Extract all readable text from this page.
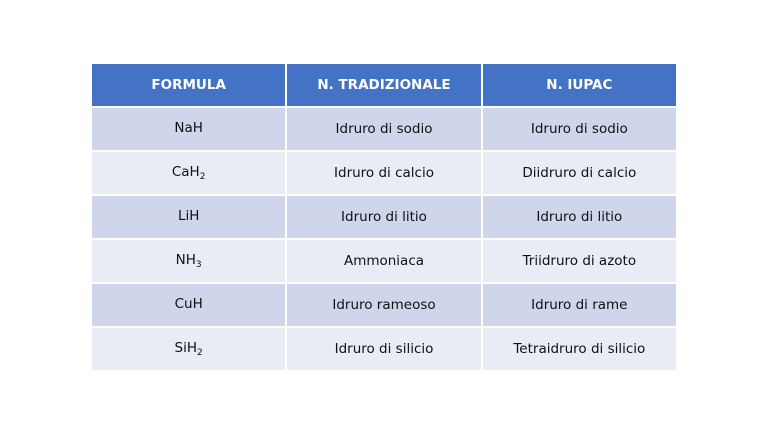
FORMULA	N. TRADIZIONALE	N. IUPAC
NaH	Idruro di sodio	Idruro di sodio
CaH$_2$	Idruro di calcio	Diidruro di calcio
LiH	Idruro di litio	Idruro di litio
$NH_3$	Ammoniaca	Triidruro di azoto
CuH	Idruro rameoso	Idruro di rame
SiH$_2$	Idruro di silicio	Tetraidruro di silicio
